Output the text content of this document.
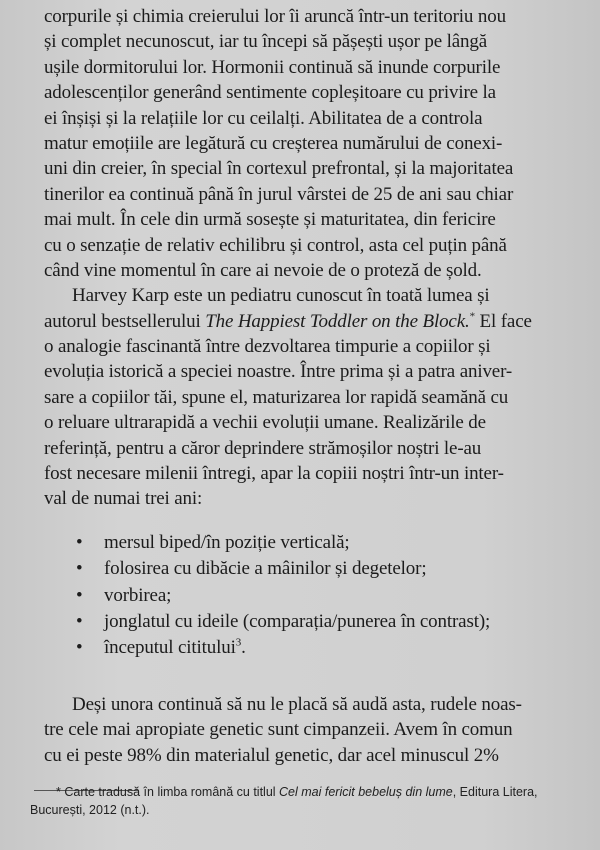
corpurile și chimia creierului lor îi aruncă într-un teritoriu nou
și complet necunoscut, iar tu începi să pășești ușor pe lângă
ușile dormitorului lor. Hormonii continuă să inunde corpurile
adolescenților generând sentimente copleșitoare cu privire la
ei înșiși și la relațiile lor cu ceilalți. Abilitatea de a controla
matur emoțiile are legătură cu creșterea numărului de conexi-
uni din creier, în special în cortexul prefrontal, și la majoritatea
tinerilor ea continuă până în jurul vârstei de 25 de ani sau chiar
mai mult. În cele din urmă sosește și maturitatea, din fericire
cu o senzație de relativ echilibru și control, asta cel puțin până
când vine momentul în care ai nevoie de o proteză de șold.
Harvey Karp este un pediatru cunoscut în toată lumea și
autorul bestsellerului The Happiest Toddler on the Block.* El face
o analogie fascinantă între dezvoltarea timpurie a copiilor și
evoluția istorică a speciei noastre. Între prima și a patra aniver-
sare a copiilor tăi, spune el, maturizarea lor rapidă seamănă cu
o reluare ultrarapidă a vechii evoluții umane. Realizările de
referință, pentru a căror deprindere strămoșilor noștri le-au
fost necesare milenii întregi, apar la copiii noștri într-un inter-
val de numai trei ani:
• mersul biped/în poziție verticală;
• folosirea cu dibăcie a mâinilor și degetelor;
• vorbirea;
• jonglatul cu ideile (comparația/punerea în contrast);
• începutul cititului$^3$.
Deși unora continuă să nu le placă să audă asta, rudele noas-
tre cele mai apropiate genetic sunt cimpanzeii. Avem în comun
cu ei peste 98% din materialul genetic, dar acel minuscul 2%
* Carte tradusă în limba română cu titlul Cel mai fericit bebeluș din lume, Editura Litera,
București, 2012 (n.t.).
